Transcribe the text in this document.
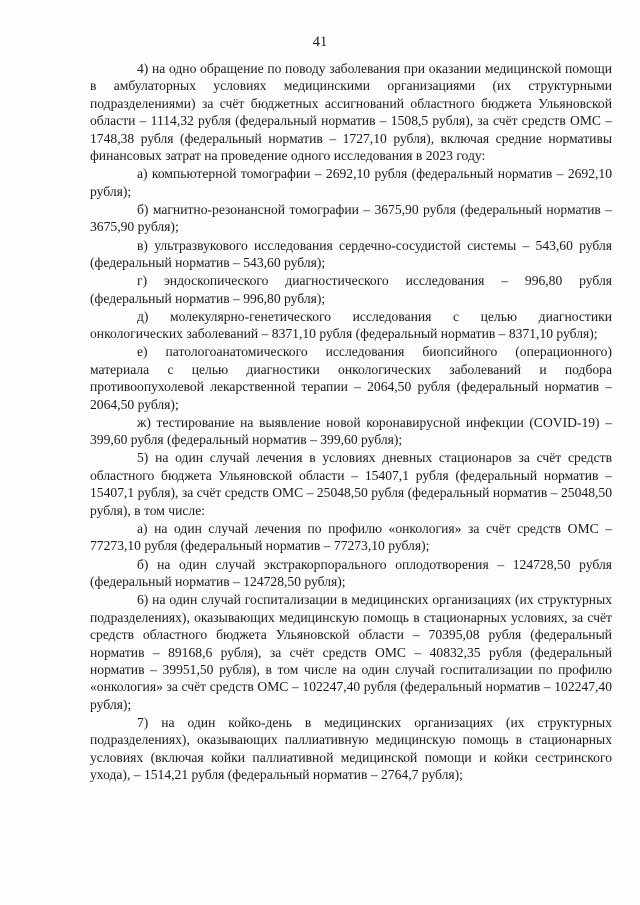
41

4) на одно обращение по поводу заболевания при оказании медицинской помощи в амбулаторных условиях медицинскими организациями (их структурными подразделениями) за счёт бюджетных ассигнований областного бюджета Ульяновской области – 1114,32 рубля (федеральный норматив – 1508,5 рубля), за счёт средств ОМС – 1748,38 рубля (федеральный норматив – 1727,10 рубля), включая средние нормативы финансовых затрат на проведение одного исследования в 2023 году:

а) компьютерной томографии – 2692,10 рубля (федеральный норматив – 2692,10 рубля);

б) магнитно-резонансной томографии – 3675,90 рубля (федеральный норматив – 3675,90 рубля);

в) ультразвукового исследования сердечно-сосудистой системы – 543,60 рубля (федеральный норматив – 543,60 рубля);

г) эндоскопического диагностического исследования – 996,80 рубля (федеральный норматив – 996,80 рубля);

д) молекулярно-генетического исследования с целью диагностики онкологических заболеваний – 8371,10 рубля (федеральный норматив – 8371,10 рубля);

е) патологоанатомического исследования биопсийного (операционного) материала с целью диагностики онкологических заболеваний и подбора противоопухолевой лекарственной терапии – 2064,50 рубля (федеральный норматив – 2064,50 рубля);

ж) тестирование на выявление новой коронавирусной инфекции (COVID-19) – 399,60 рубля (федеральный норматив – 399,60 рубля);

5) на один случай лечения в условиях дневных стационаров за счёт средств областного бюджета Ульяновской области – 15407,1 рубля (федеральный норматив – 15407,1 рубля), за счёт средств ОМС – 25048,50 рубля (федеральный норматив – 25048,50 рубля), в том числе:

а) на один случай лечения по профилю «онкология» за счёт средств ОМС – 77273,10 рубля (федеральный норматив – 77273,10 рубля);

б) на один случай экстракорпорального оплодотворения – 124728,50 рубля (федеральный норматив – 124728,50 рубля);

6) на один случай госпитализации в медицинских организациях (их структурных подразделениях), оказывающих медицинскую помощь в стационарных условиях, за счёт средств областного бюджета Ульяновской области – 70395,08 рубля (федеральный норматив – 89168,6 рубля), за счёт средств ОМС – 40832,35 рубля (федеральный норматив – 39951,50 рубля), в том числе на один случай госпитализации по профилю «онкология» за счёт средств ОМС – 102247,40 рубля (федеральный норматив – 102247,40 рубля);

7) на один койко-день в медицинских организациях (их структурных подразделениях), оказывающих паллиативную медицинскую помощь в стационарных условиях (включая койки паллиативной медицинской помощи и койки сестринского ухода), – 1514,21 рубля (федеральный норматив – 2764,7 рубля);
